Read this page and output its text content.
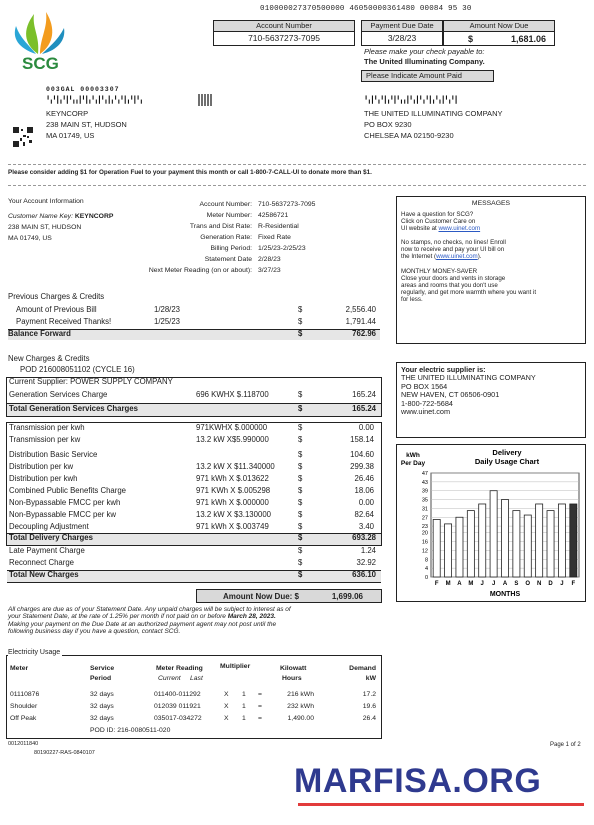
010000027370500000 46050000361480 00084 95 30
SCG
Account Number
710-5637273-7095
Payment Due Date
3/28/23
Amount Now Due
$	1,681.06
Please make your check payable to:
The United Illuminating Company.
Please Indicate Amount Paid
003GAL 00003307
╹╻╹┃╻╹┃╹╻╻┃╹┃╻╹╻┃╹╻┃╻╹╻╹┃╻╹┃╹╻
KEYNCORP
238 MAIN ST, HUDSON
MA 01749, US
╹╻┃╹╻╹┃╻╹┃╹╻╻┃╹╻┃╹╻╹┃╻╹╻┃╹╻╹┃
THE UNITED ILLUMINATING COMPANY
PO BOX 9230
CHELSEA MA 02150-9230
Please consider adding $1 for Operation Fuel to your payment this month or call 1-800-7-CALL-UI to donate more than $1.
Your Account Information
Customer Name Key: KEYNCORP
238 MAIN ST, HUDSON
MA 01749, US
Account Number: 710-5637273-7095
Meter Number: 42586721
Trans and Dist Rate: R-Residential
Generation Rate: Fixed Rate
Billing Period: 1/25/23-2/25/23
Statement Date 2/28/23
Next Meter Reading (on or about): 3/27/23
MESSAGES
Have a question for SCG?
Click on Customer Care on
UI website at www.uinet.com
No stamps, no checks, no lines! Enroll
now to receive and pay your UI bill on
the Internet (www.uinet.com).
MONTHLY MONEY-SAVER
Close your doors and vents in storage
areas and rooms that you don't use
regularly, and get more warmth where you want it
for less.
Previous Charges & Credits
Amount of Previous Bill	1/28/23	$	2,556.40
Payment Received Thanks!	1/25/23	$	1,791.44
Balance Forward	$	762.96
New Charges & Credits
POD 216008051102 (CYCLE 16)
Current Supplier: POWER SUPPLY COMPANY
Generation Services Charge	696 KWHX $.118700	$	165.24
Total Generation Services Charges	$	165.24
Transmission per kwh	971KWHX $.000000	$	0.00
Transmission per kw	13.2 kW X$5.990000	$	158.14
Distribution Basic Service	$	104.60
Distribution per kw	13.2 kW X $11.340000	$	299.38
Distribution per kwh	971 kWh X $.013622	$	26.46
Combined Public Benefits Charge	971 KWh X $.005298	$	18.06
Non-Bypassable FMCC per kwh	971 kWh X $.000000	$	0.00
Non-Bypassable FMCC per kw	13.2 kW X $3.130000	$	82.64
Decoupling Adjustment	971 kWh X $.003749	$	3.40
Total Delivery Charges	$	693.28
Late Payment Charge	$	1.24
Reconnect Charge	$	32.92
Total New Charges	$	636.10
Amount Now Due: $	1,699.06
All charges are due as of your Statement Date. Any unpaid charges will be subject to interest as of
your Statement Date, at the rate of 1.25% per month if not paid on or before March 28, 2023.
Making your payment on the Due Date at an authorized payment agent may not post until the
following business day if you have a question, contact SCG.
Your electric supplier is:
THE UNITED ILLUMINATING COMPANY
PO BOX 1564
NEW HAVEN, CT 06506-0901
1-800-722-5684
www.uinet.com
kWh
Per Day
Delivery
Daily Usage Chart
47
43
39
35
31
27
23
20
16
12
8
4
0
F M A M J J A S O N D J F
MONTHS
Electricity Usage
Meter	Service
Period
Meter Reading
Current Last
Multiplier	Kilowatt
Hours
Demand
kW
01110876	32 days	011400-011292	X 1 =	216 kWh	17.2
Shoulder	32 days	012039 011921	X 1 =	232 kWh	19.6
Off Peak	32 days	035017-034272	X 1 =	1,490.00	26.4
POD ID: 216-0080511-020
0012011840
80190227-RAS-0840107
Page 1 of 2
MARFISA.ORG
